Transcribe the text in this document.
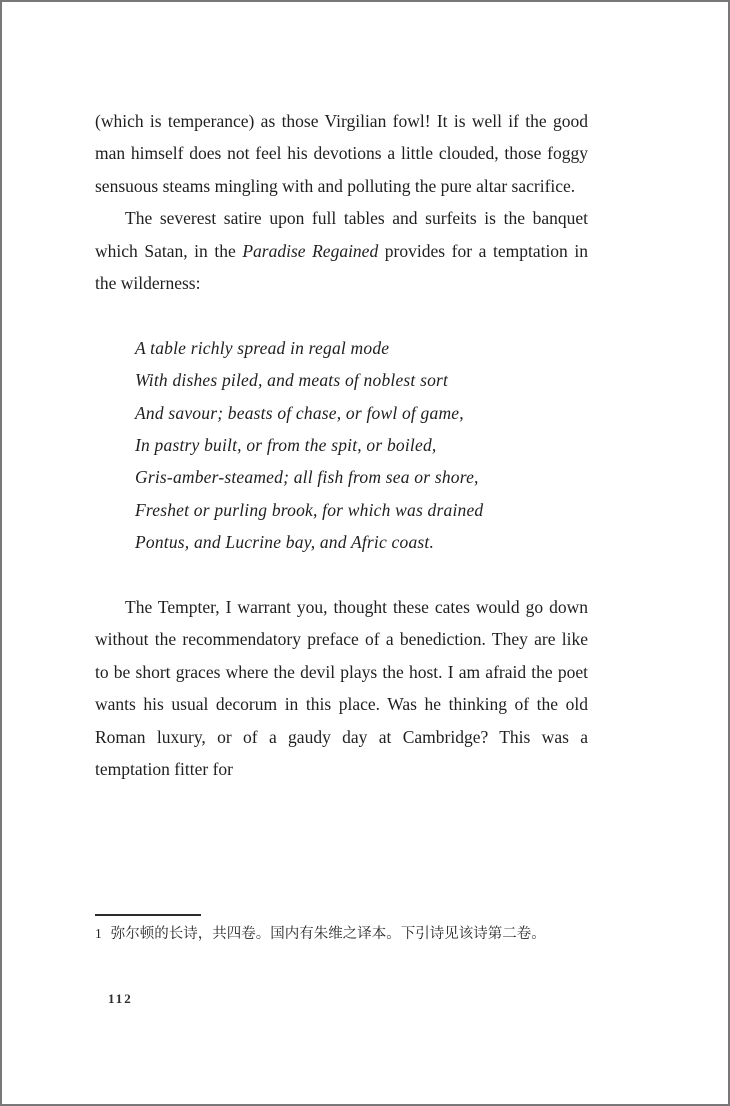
(which is temperance) as those Virgilian fowl! It is well if the good man himself does not feel his devotions a little clouded, those foggy sensuous steams mingling with and polluting the pure altar sacrifice.

The severest satire upon full tables and surfeits is the banquet which Satan, in the Paradise Regained provides for a temptation in the wilderness:

A table richly spread in regal mode
With dishes piled, and meats of noblest sort
And savour; beasts of chase, or fowl of game,
In pastry built, or from the spit, or boiled,
Gris-amber-steamed; all fish from sea or shore,
Freshet or purling brook, for which was drained
Pontus, and Lucrine bay, and Afric coast.

The Tempter, I warrant you, thought these cates would go down without the recommendatory preface of a benediction. They are like to be short graces where the devil plays the host. I am afraid the poet wants his usual decorum in this place. Was he thinking of the old Roman luxury, or of a gaudy day at Cambridge? This was a temptation fitter for

1 弥尔顿的长诗，共四卷。国内有朱维之译本。下引诗见该诗第二卷。
112
